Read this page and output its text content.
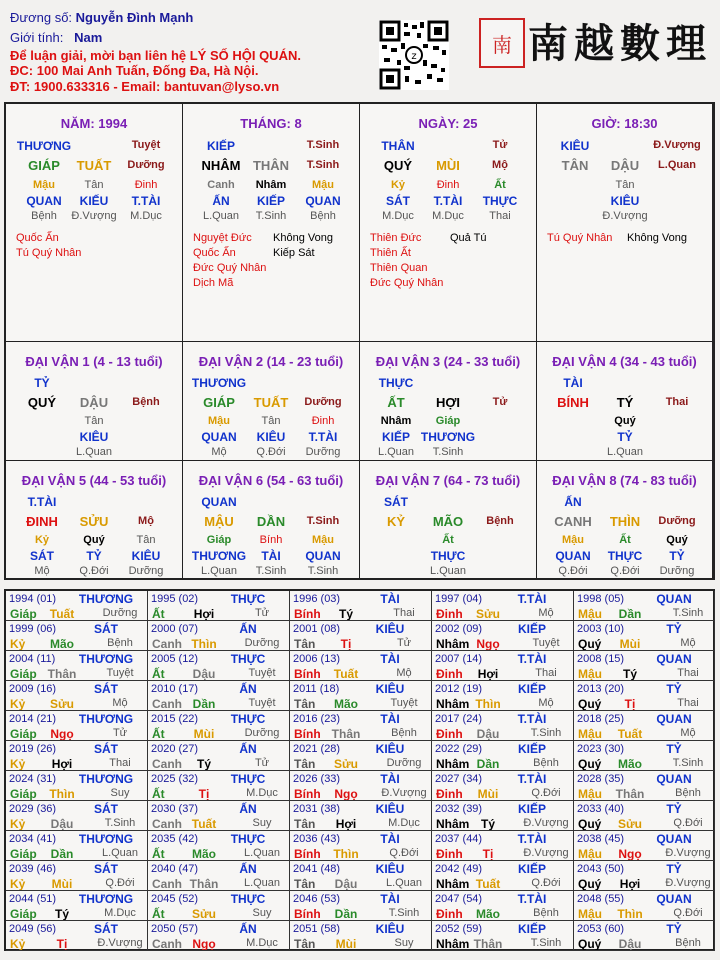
Đương số: Nguyễn Đình Mạnh
Giới tính: Nam
Để luận giải, mời bạn liên hệ LÝ SỐ HỘI QUÁN.
ĐC: 100 Mai Anh Tuấn, Đống Đa, Hà Nội.
ĐT: 1900.633316 - Email: bantuvan@lyso.vn
z	南 南越數理
NĂM: 1994
THƯƠNG	Tuyệt
GIÁP TUẤT Dưỡng
Mậu
QUAN
Bệnh
Tân
KIẾU
Đ.Vượng
Đinh
T.TÀI
M.Dục
Quốc Ấn
Tú Quý Nhân
THÁNG: 8
KIẾP	T.Sinh
NHÂM THÂN T.Sinh
Canh
ẤN
L.Quan
Nhâm
KIẾP
T.Sinh
Mậu
QUAN
Bệnh
Nguyệt Đức Không Vong
Quốc Ấn	Kiếp Sát
Đức Quý Nhân
Dịch Mã
NGÀY: 25
THÂN	Tử
QUÝ MÙI	Mộ
Kỷ
SÁT
M.Dục
Đinh
T.TÀI
M.Dục
Ất
THỰC
Thai
Thiên Đức	Quả Tú
Thiên Ất
Thiên Quan
Đức Quý Nhân
GIỜ: 18:30
KIÊU	Đ.Vượng
TÂN DẬU L.Quan
Tân
KIÊU
Đ.Vượng
Tú Quý Nhân Không Vong
ĐẠI VẬN 1 (4 - 13 tuổi)
TỶ
QUÝ DẬU Bệnh
Tân
KIÊU
L.Quan
ĐẠI VẬN 2 (14 - 23 tuổi)
THƯƠNG
GIÁP TUẤT Dưỡng
Mậu
QUAN
Mộ
Tân
KIÊU
Q.Đới
Đinh
T.TÀI
Dưỡng
ĐẠI VẬN 3 (24 - 33 tuổi)
THỰC
ẤT HỢI	Tử
Nhâm
KIẾP
L.Quan
Giáp
THƯƠNG
T.Sinh
ĐẠI VẬN 4 (34 - 43 tuổi)
TÀI
BÍNH TÝ	Thai
Quý
TỶ
L.Quan
ĐẠI VẬN 5 (44 - 53 tuổi)
T.TÀI
ĐINH SỬU	Mộ
Kỷ
SÁT
Mộ
Quý
TỶ
Q.Đới
Tân
KIÊU
Dưỡng
ĐẠI VẬN 6 (54 - 63 tuổi)
QUAN
MẬU DẦN T.Sinh
Giáp
THƯƠNG
L.Quan
Bính
TÀI
T.Sinh
Mậu
QUAN
T.Sinh
ĐẠI VẬN 7 (64 - 73 tuổi)
SÁT
KỶ MÃO Bệnh
Ất
THỰC
L.Quan
ĐẠI VẬN 8 (74 - 83 tuổi)
ẤN
CANH THÌN Dưỡng
Mậu
QUAN
Q.Đới
Ất
THỰC
Q.Đới
Quý
TỶ
Dưỡng
1994 (01) THƯƠNG
Giáp Tuất	Dưỡng
1995 (02)	THỰC
Ất Hợi	Tử
1996 (03)	TÀI
Bính Tý	Thai
1997 (04)	T.TÀI
Đinh Sửu	Mộ
1998 (05)	QUAN
Mậu Dần	T.Sinh
1999 (06)	SÁT
Kỷ Mão	Bệnh
2000 (07)	ẤN
Canh Thìn	Dưỡng
2001 (08)	KIÊU
Tân Tị	Tử
2002 (09)	KIẾP
Nhâm Ngọ	Tuyệt
2003 (10)	TỶ
Quý Mùi	Mộ
2004 (11) THƯƠNG
Giáp Thân	Tuyệt
2005 (12)	THỰC
Ất Dậu	Tuyệt
2006 (13)	TÀI
Bính Tuất	Mộ
2007 (14)	T.TÀI
Đinh Hợi	Thai
2008 (15)	QUAN
Mậu Tý	Thai
2009 (16)	SÁT
Kỷ Sửu	Mộ
2010 (17)	ẤN
Canh Dần	Tuyệt
2011 (18)	KIÊU
Tân Mão	Tuyệt
2012 (19)	KIẾP
Nhâm Thìn	Mộ
2013 (20)	TỶ
Quý Tị	Thai
2014 (21) THƯƠNG
Giáp Ngọ	Tử
2015 (22)	THỰC
Ất Mùi	Dưỡng
2016 (23)	TÀI
Bính Thân	Bệnh
2017 (24)	T.TÀI
Đinh Dậu	T.Sinh
2018 (25)	QUAN
Mậu Tuất	Mộ
2019 (26)	SÁT
Kỷ Hợi	Thai
2020 (27)	ẤN
Canh Tý	Tử
2021 (28)	KIÊU
Tân Sửu	Dưỡng
2022 (29)	KIẾP
Nhâm Dần	Bệnh
2023 (30)	TỶ
Quý Mão	T.Sinh
2024 (31) THƯƠNG
Giáp Thìn	Suy
2025 (32)	THỰC
Ất	Tị	M.Dục
2026 (33)	TÀI
Bính Ngọ Đ.Vượng
2027 (34)	T.TÀI
Đinh Mùi	Q.Đới
2028 (35)	QUAN
Mậu Thân	Bệnh
2029 (36)	SÁT
Kỷ Dậu	T.Sinh
2030 (37)	ẤN
Canh Tuất	Suy
2031 (38)	KIÊU
Tân Hợi	M.Dục
2032 (39)	KIẾP
Nhâm Tý	Đ.Vượng
2033 (40)	TỶ
Quý Sửu	Q.Đới
2034 (41) THƯƠNG
Giáp Dần	L.Quan
2035 (42)	THỰC
Ất Mão	L.Quan
2036 (43)	TÀI
Bính Thìn	Q.Đới
2037 (44)	T.TÀI
Đinh Tị	Đ.Vượng
2038 (45)	QUAN
Mậu Ngọ Đ.Vượng
2039 (46)	SÁT
Kỷ Mùi	Q.Đới
2040 (47)	ẤN
Canh Thân L.Quan
2041 (48)	KIÊU
Tân Dậu	L.Quan
2042 (49)	KIẾP
Nhâm Tuất	Q.Đới
2043 (50)	TỶ
Quý Hợi Đ.Vượng
2044 (51) THƯƠNG
Giáp Tý	M.Dục
2045 (52)	THỰC
Ất Sửu	Suy
2046 (53)	TÀI
Bính Dần	T.Sinh
2047 (54)	T.TÀI
Đinh Mão	Bệnh
2048 (55)	QUAN
Mậu Thìn	Q.Đới
2049 (56)	SÁT
Kỷ	Tị	Đ.Vượng
2050 (57)	ẤN
Canh Ngọ	M.Dục
2051 (58)	KIÊU
Tân Mùi	Suy
2052 (59)	KIẾP
Nhâm Thân	T.Sinh
2053 (60)	TỶ
Quý Dậu	Bệnh
